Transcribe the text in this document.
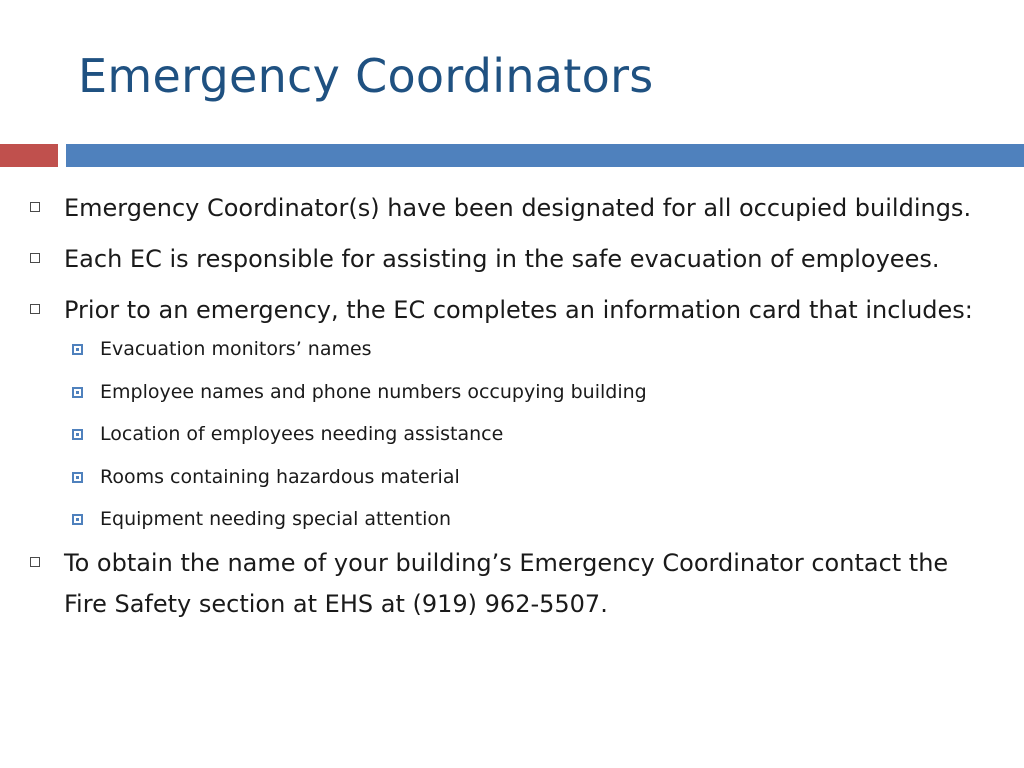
Emergency Coordinators
Emergency Coordinator(s) have been designated for all occupied buildings.
Each EC is responsible for assisting in the safe evacuation of employees.
Prior to an emergency, the EC completes an information card that includes:
Evacuation monitors’ names
Employee names and phone numbers occupying building
Location of employees needing assistance
Rooms containing hazardous material
Equipment needing special attention
To obtain the name of your building’s Emergency Coordinator contact the Fire Safety section at EHS at (919) 962-5507.
